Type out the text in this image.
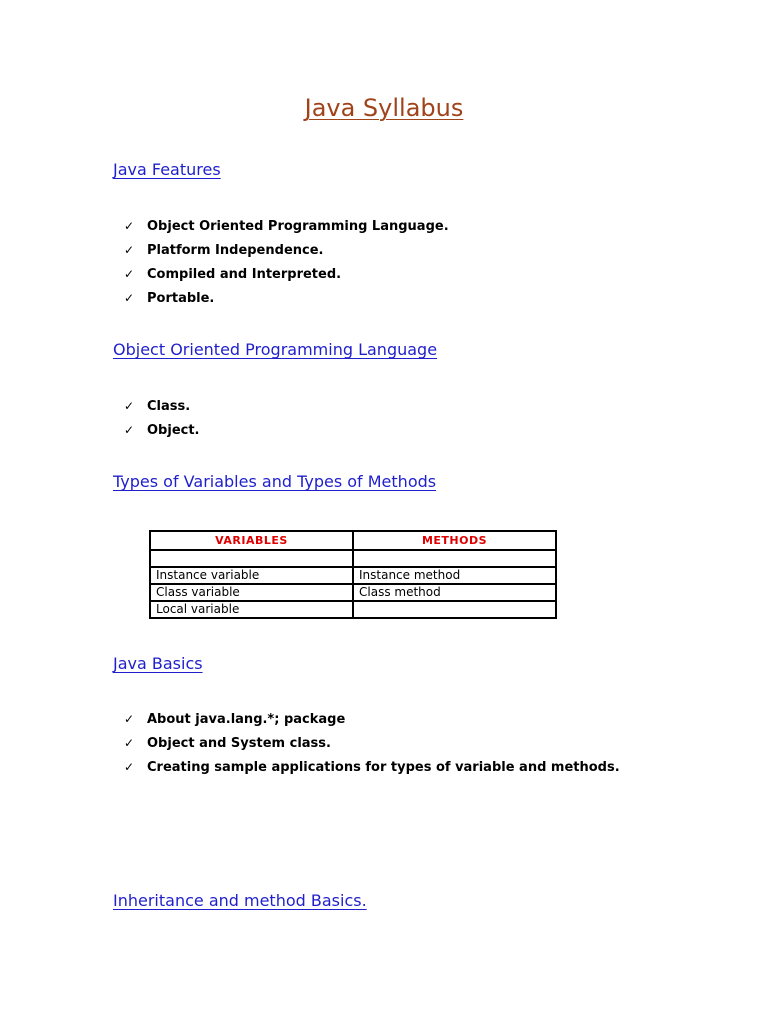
Java Syllabus
Java Features
✓ Object Oriented Programming Language.
✓ Platform Independence.
✓ Compiled and Interpreted.
✓ Portable.
Object Oriented Programming Language
✓ Class.
✓ Object.
Types of Variables and Types of Methods
VARIABLES	METHODS

Instance variable	Instance method
Class variable	Class method
Local variable	
Java Basics
✓ About java.lang.*; package
✓ Object and System class.
✓ Creating sample applications for types of variable and methods.
Inheritance and method Basics.
